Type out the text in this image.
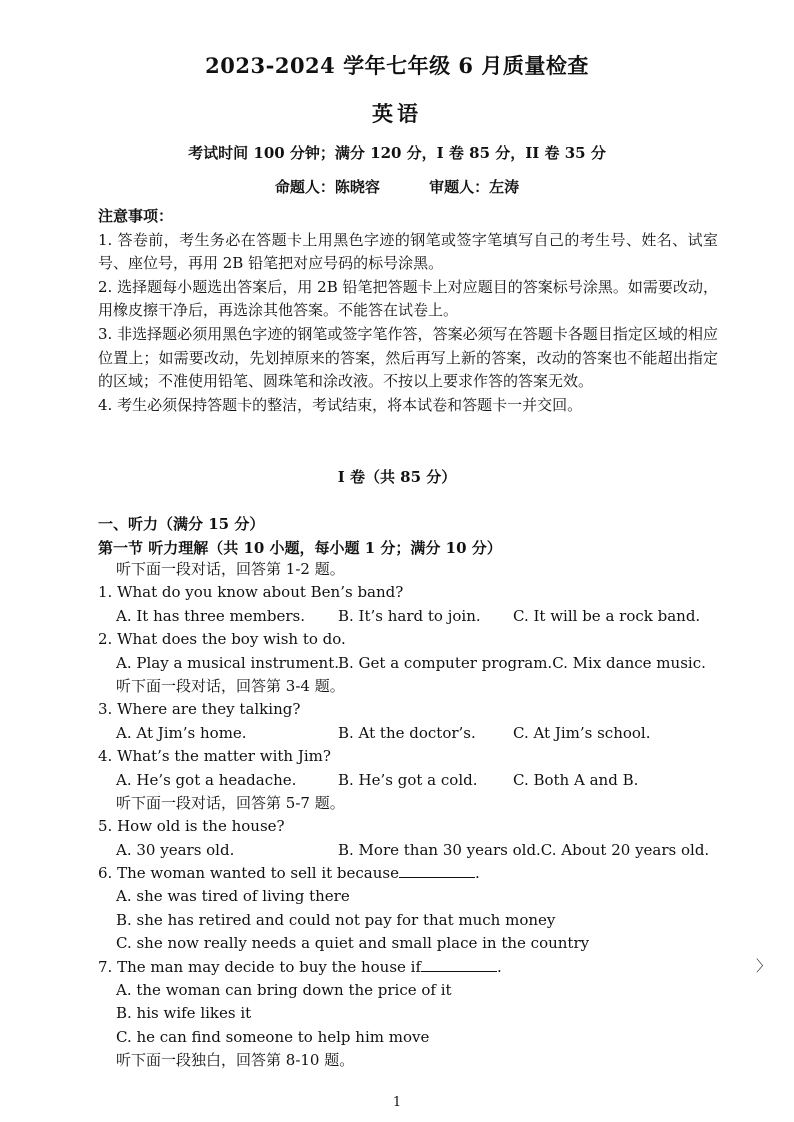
2023-2024 学年七年级 6 月质量检查
英语
考试时间 100 分钟；满分 120 分，I 卷 85 分，II 卷 35 分
命题人：陈晓容	审题人：左涛

注意事项：

1. 答卷前，考生务必在答题卡上用黑色字迹的钢笔或签字笔填写自己的考生号、姓名、试室号、座位号，再用 2B 铅笔把对应号码的标号涂黑。

2. 选择题每小题选出答案后，用 2B 铅笔把答题卡上对应题目的答案标号涂黑。如需要改动，用橡皮擦干净后，再选涂其他答案。不能答在试卷上。

3. 非选择题必须用黑色字迹的钢笔或签字笔作答，答案必须写在答题卡各题目指定区域的相应位置上；如需要改动，先划掉原来的答案，然后再写上新的答案，改动的答案也不能超出指定的区域；不准使用铅笔、圆珠笔和涂改液。不按以上要求作答的答案无效。

4. 考生必须保持答题卡的整洁，考试结束，将本试卷和答题卡一并交回。

I 卷（共 85 分）
一、听力（满分 15 分）
第一节 听力理解（共 10 小题，每小题 1 分；满分 10 分）
听下面一段对话，回答第 1-2 题。
1. What do you know about Ben’s band?
A. It has three members. B. It’s hard to join. C. It will be a rock band.
2. What does the boy wish to do.
A. Play a musical instrument.
B. Get a computer program.C. Mix dance music.
听下面一段对话，回答第 3-4 题。
3. Where are they talking?
A. At Jim’s home.	B. At the doctor’s. C. At Jim’s school.
4. What’s the matter with Jim?
A. He’s got a headache.	B. He’s got a cold. C. Both A and B.
听下面一段对话，回答第 5-7 题。
5. How old is the house?
A. 30 years old.	B. More than 30 years old.C. About 20 years old.
6. The woman wanted to sell it because	.
A. she was tired of living there
B. she has retired and could not pay for that much money
C. she now really needs a quiet and small place in the country
7. The man may decide to buy the house if	.
A. the woman can bring down the price of it
B. his wife likes it
C. he can find someone to help him move
听下面一段独白，回答第 8-10 题。
〉
1
